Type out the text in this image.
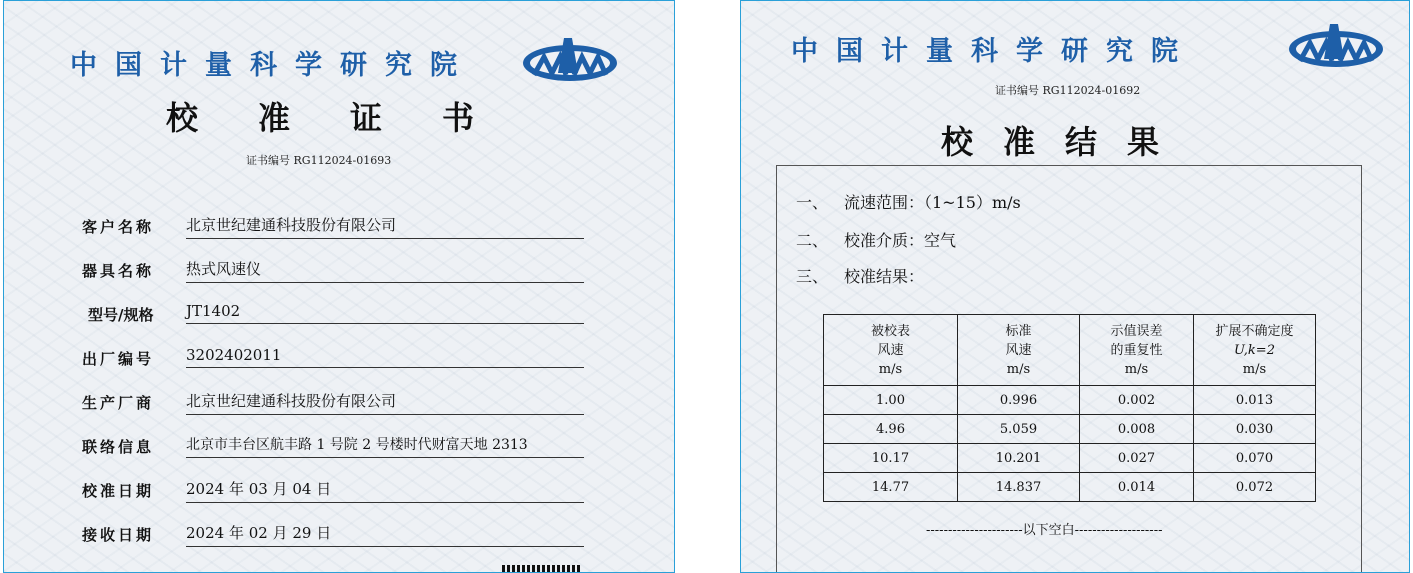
中国计量科学研究院
校准证书
证书编号 RG112024-01693
客户名称	北京世纪建通科技股份有限公司
器具名称	热式风速仪
型号/规格	JT1402
出厂编号	3202402011
生产厂商	北京世纪建通科技股份有限公司
联络信息	北京市丰台区航丰路 1 号院 2 号楼时代财富天地 2313
校准日期	2024 年 03 月 04 日
接收日期	2024 年 02 月 29 日
中国计量科学研究院
证书编号 RG112024-01692
校准结果
一、 流速范围：（1~15）m/s
二、 校准介质：空气
三、 校准结果：
被校表
风速
m/s	标准
风速
m/s	示值误差
的重复性
m/s	扩展不确定度
U,k=2
m/s
1.00	0.996	0.002	0.013
4.96	5.059	0.008	0.030
10.17	10.201	0.027	0.070
14.77	14.837	0.014	0.072
----------------------以下空白--------------------
